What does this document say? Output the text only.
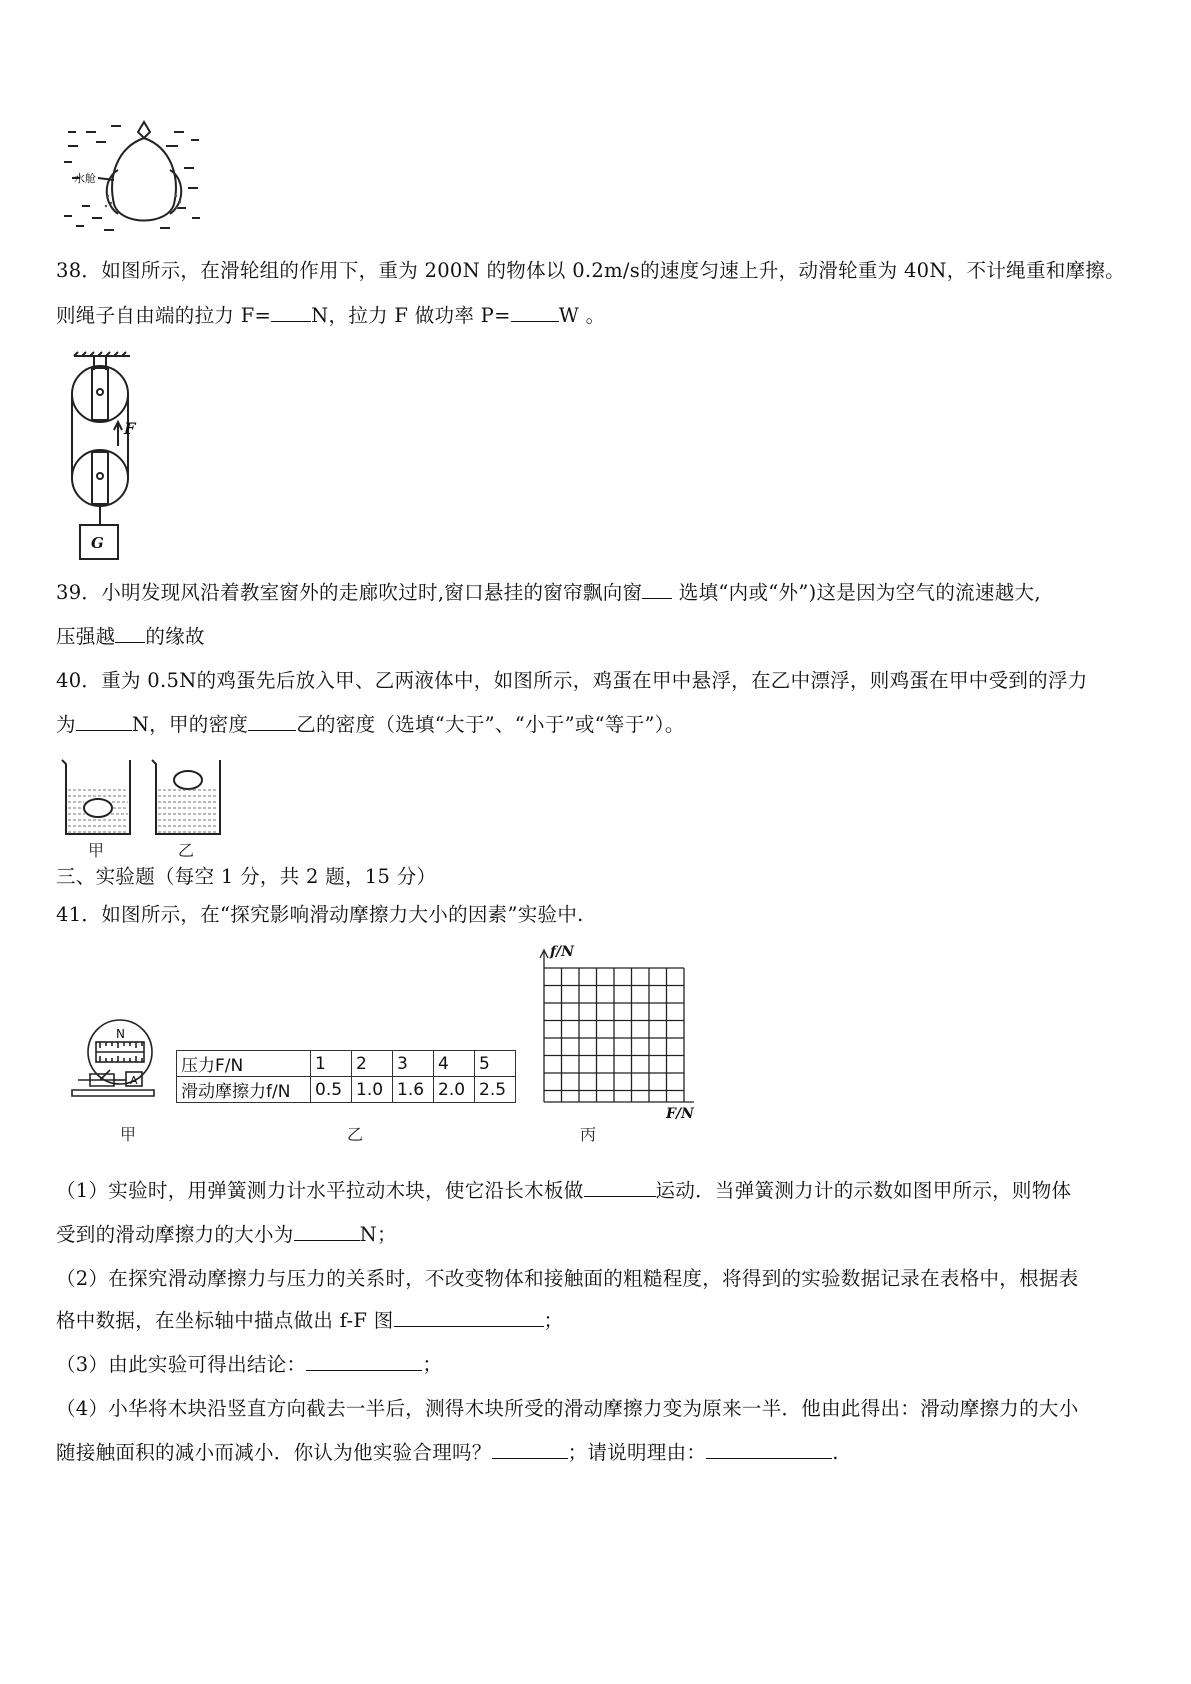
水舱
38．如图所示，在滑轮组的作用下，重为 200N 的物体以 0.2m/s的速度匀速上升，动滑轮重为 40N，不计绳重和摩擦。
则绳子自由端的拉力 F= N，拉力 F 做功率 P= W 。
F
G
39．小明发现风沿着教室窗外的走廊吹过时,窗口悬挂的窗帘飘向窗 选填“内或“外”)这是因为空气的流速越大,
压强越 的缘故
40．重为 0.5N的鸡蛋先后放入甲、乙两液体中，如图所示，鸡蛋在甲中悬浮，在乙中漂浮，则鸡蛋在甲中受到的浮力
为	N，甲的密度 乙的密度（选填“大于”、“小于”或“等于”）。
甲	乙
三、实验题（每空 1 分，共 2 题，15 分）
41．如图所示，在“探究影响滑动摩擦力大小的因素”实验中.
N
A
甲
压力F/N	1	2	3	4	5
滑动摩擦力f/N	0.5	1.0	1.6	2.0	2.5
乙
f/N
F/N
丙
（1）实验时，用弹簧测力计水平拉动木块，使它沿长木板做	运动．当弹簧测力计的示数如图甲所示，则物体
受到的滑动摩擦力的大小为	N；
（2）在探究滑动摩擦力与压力的关系时，不改变物体和接触面的粗糙程度，将得到的实验数据记录在表格中，根据表
格中数据，在坐标轴中描点做出 f-F 图	；
（3）由此实验可得出结论：	；
（4）小华将木块沿竖直方向截去一半后，测得木块所受的滑动摩擦力变为原来一半．他由此得出：滑动摩擦力的大小
随接触面积的减小而减小．你认为他实验合理吗？	；请说明理由：	.
